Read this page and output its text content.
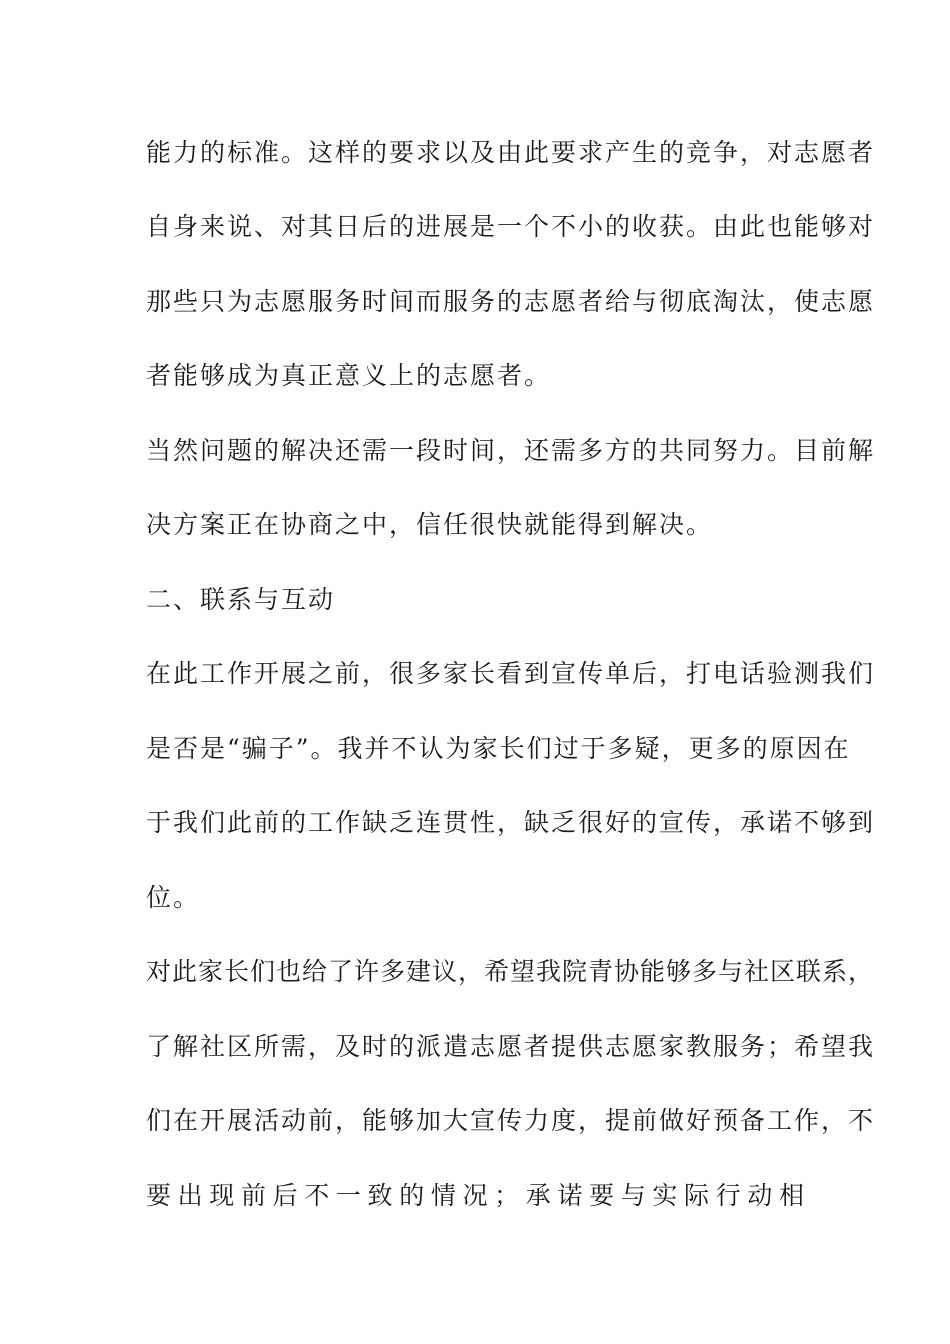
能力的标准。这样的要求以及由此要求产生的竞争，对志愿者
自身来说、对其日后的进展是一个不小的收获。由此也能够对
那些只为志愿服务时间而服务的志愿者给与彻底淘汰，使志愿
者能够成为真正意义上的志愿者。
当然问题的解决还需一段时间，还需多方的共同努力。目前解
决方案正在协商之中，信任很快就能得到解决。
二、联系与互动
在此工作开展之前，很多家长看到宣传单后，打电话验测我们
是否是“骗子”。我并不认为家长们过于多疑，更多的原因在
于我们此前的工作缺乏连贯性，缺乏很好的宣传，承诺不够到
位。
对此家长们也给了许多建议，希望我院青协能够多与社区联系，
了解社区所需，及时的派遣志愿者提供志愿家教服务；希望我
们在开展活动前，能够加大宣传力度，提前做好预备工作，不
要出现前后不一致的情况；承诺要与实际行动相
